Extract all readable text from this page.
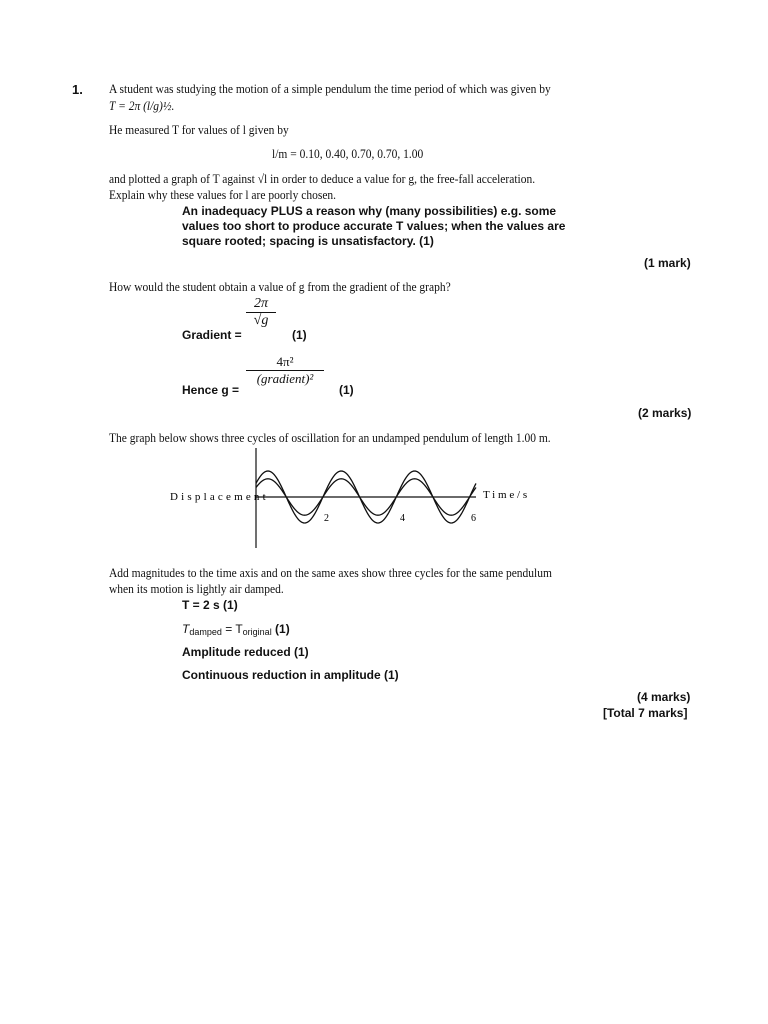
1. A student was studying the motion of a simple pendulum the time period of which was given by
T = 2π (l/g)½.
He measured T for values of l given by
l/m = 0.10, 0.40, 0.70, 0.70, 1.00
and plotted a graph of T against √l in order to deduce a value for g, the free-fall acceleration.
Explain why these values for l are poorly chosen.
An inadequacy PLUS a reason why (many possibilities) e.g. some
values too short to produce accurate T values; when the values are
square rooted; spacing is unsatisfactory. (1)
(1 mark)
How would the student obtain a value of g from the gradient of the graph?
Gradient =
$\frac{2\pi}{√g}$
(1)
Hence g =
4π²
(gradient)²
(1)
(2 marks)
The graph below shows three cycles of oscillation for an undamped pendulum of length 1.00 m.
Displacement	Time/s
2	4	6
Add magnitudes to the time axis and on the same axes show three cycles for the same pendulum
when its motion is lightly air damped.
T = 2 s (1)
$T_{damped} = T_{original}$ (1)
Amplitude reduced (1)
Continuous reduction in amplitude (1)
(4 marks)
[Total 7 marks]
